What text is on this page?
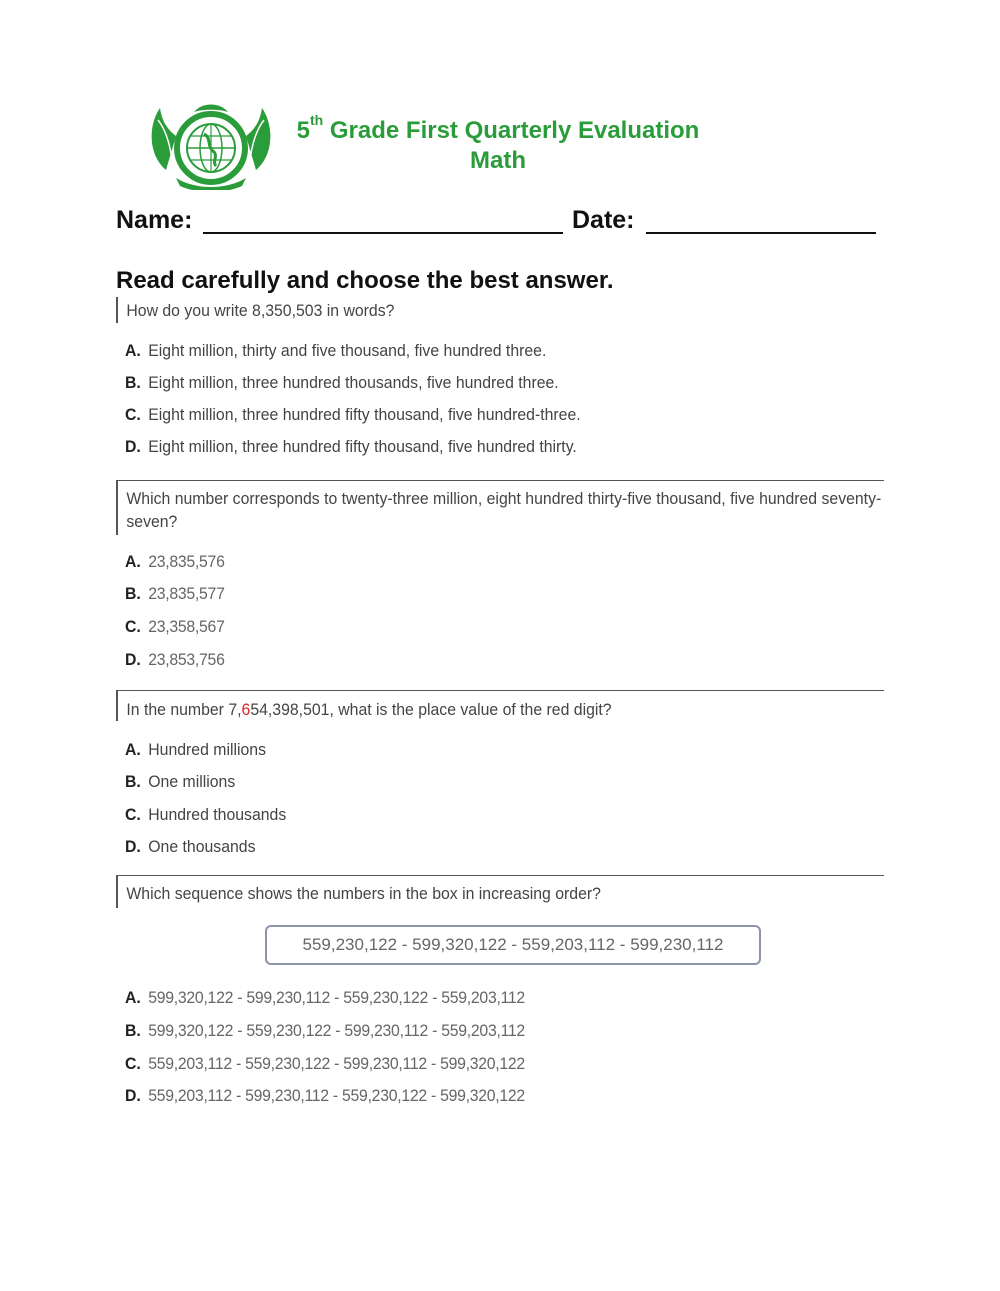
5th Grade First Quarterly Evaluation
Math
Name:	Date:
Read carefully and choose the best answer.
How do you write 8,350,503 in words?
A. Eight million, thirty and five thousand, five hundred three.
B. Eight million, three hundred thousands, five hundred three.
C. Eight million, three hundred fifty thousand, five hundred-three.
D. Eight million, three hundred fifty thousand, five hundred thirty.
Which number corresponds to twenty-three million, eight hundred thirty-five thousand, five hundred seventy-seven?
A. 23,835,576
B. 23,835,577
C. 23,358,567
D. 23,853,756
In the number 7,654,398,501, what is the place value of the red digit?
A. Hundred millions
B. One millions
C. Hundred thousands
D. One thousands
Which sequence shows the numbers in the box in increasing order?
559,230,122 - 599,320,122 - 559,203,112 - 599,230,112
A. 599,320,122 - 599,230,112 - 559,230,122 - 559,203,112
B. 599,320,122 - 559,230,122 - 599,230,112 - 559,203,112
C. 559,203,112 - 559,230,122 - 599,230,112 - 599,320,122
D. 559,203,112 - 599,230,112 - 559,230,122 - 599,320,122
